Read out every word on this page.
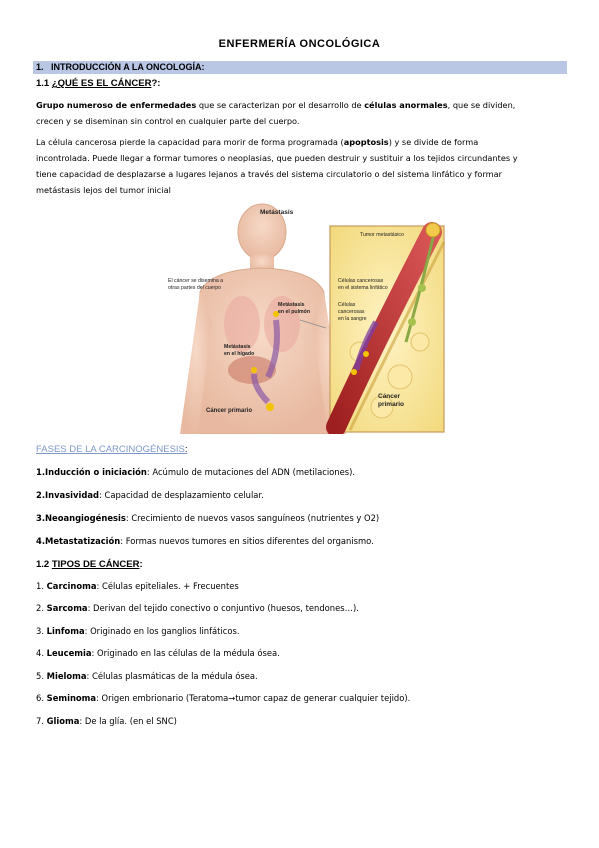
ENFERMERÍA ONCOLÓGICA
1. INTRODUCCIÓN A LA ONCOLOGÍA:
1.1 ¿QUÉ ES EL CÁNCER?:
Grupo numeroso de enfermedades que se caracterizan por el desarrollo de células anormales, que se dividen,
crecen y se diseminan sin control en cualquier parte del cuerpo.
La célula cancerosa pierde la capacidad para morir de forma programada (apoptosis) y se divide de forma
incontrolada. Puede llegar a formar tumores o neoplasias, que pueden destruir y sustituir a los tejidos circundantes y
tiene capacidad de desplazarse a lugares lejanos a través del sistema circulatorio o del sistema linfático y formar
metástasis lejos del tumor inicial
Metástasis
El cáncer se disemina a
otras partes del cuerpo
Metástasis
en el pulmón
Metástasis
en el hígado
Cáncer primario
Tumor metastásico
Células cancerosas
en el sistema linfático
Células
cancerosas
en la sangre
Cáncer
primario
FASES DE LA CARCINOGÉNESIS:
1.Inducción o iniciación: Acúmulo de mutaciones del ADN (metilaciones).
2.Invasividad: Capacidad de desplazamiento celular.
3.Neoangiogénesis: Crecimiento de nuevos vasos sanguíneos (nutrientes y O2)
4.Metastatización: Formas nuevos tumores en sitios diferentes del organismo.
1.2 TIPOS DE CÁNCER:
1. Carcinoma: Células epiteliales. + Frecuentes
2. Sarcoma: Derivan del tejido conectivo o conjuntivo (huesos, tendones…).
3. Linfoma: Originado en los ganglios linfáticos.
4. Leucemia: Originado en las células de la médula ósea.
5. Mieloma: Células plasmáticas de la médula ósea.
6. Seminoma: Origen embrionario (Teratoma→tumor capaz de generar cualquier tejido).
7. Glioma: De la glía. (en el SNC)
